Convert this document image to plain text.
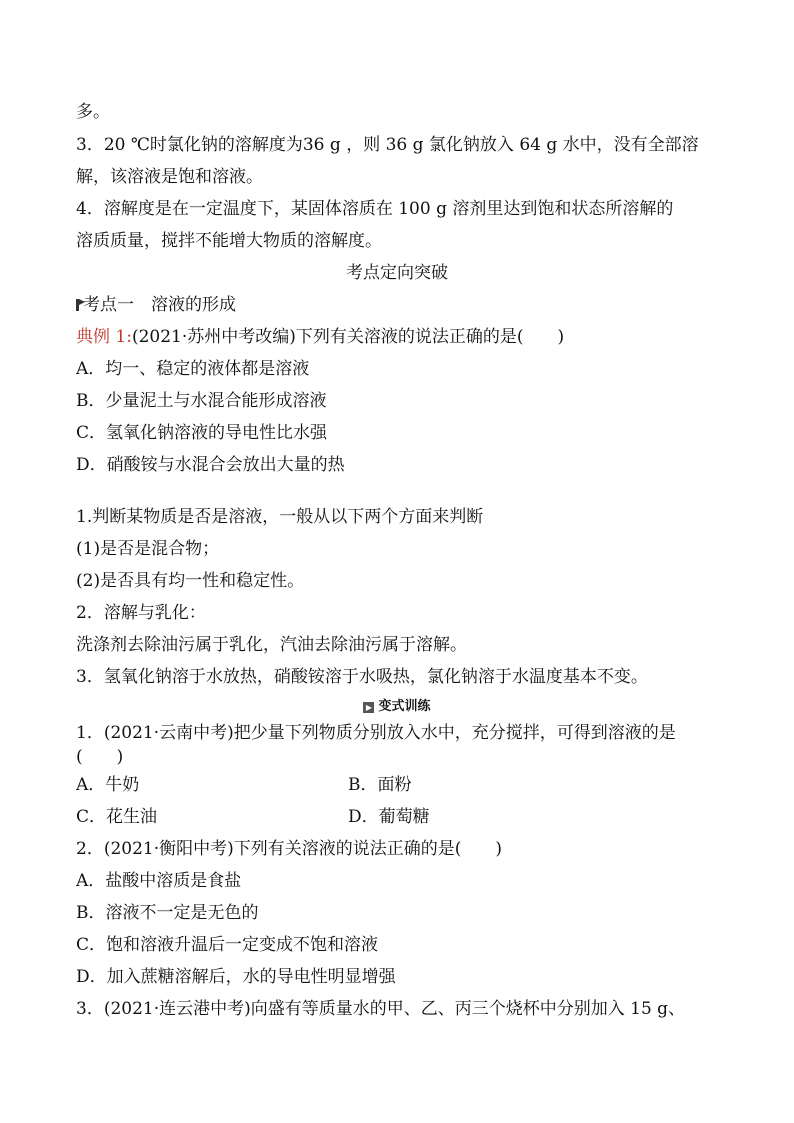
多。
3．20 ℃时氯化钠的溶解度为36 g ，则 36 g 氯化钠放入 64 g 水中，没有全部溶
解，该溶液是饱和溶液。
4．溶解度是在一定温度下，某固体溶质在 100 g 溶剂里达到饱和状态所溶解的
溶质质量，搅拌不能增大物质的溶解度。
考点定向突破
考点一　溶液的形成
典例 1:(2021·苏州中考改编)下列有关溶液的说法正确的是(　　)
A．均一、稳定的液体都是溶液
B．少量泥土与水混合能形成溶液
C．氢氧化钠溶液的导电性比水强
D．硝酸铵与水混合会放出大量的热
1.判断某物质是否是溶液，一般从以下两个方面来判断
(1)是否是混合物；
(2)是否具有均一性和稳定性。
2．溶解与乳化：
洗涤剂去除油污属于乳化，汽油去除油污属于溶解。
3．氢氧化钠溶于水放热，硝酸铵溶于水吸热，氯化钠溶于水温度基本不变。
▶ 变式训练
1．(2021·云南中考)把少量下列物质分别放入水中，充分搅拌，可得到溶液的是
(　　)
A．牛奶	B．面粉
C．花生油	D．葡萄糖
2．(2021·衡阳中考)下列有关溶液的说法正确的是(　　)
A．盐酸中溶质是食盐
B．溶液不一定是无色的
C．饱和溶液升温后一定变成不饱和溶液
D．加入蔗糖溶解后，水的导电性明显增强
3．(2021·连云港中考)向盛有等质量水的甲、乙、丙三个烧杯中分别加入 15 g、
